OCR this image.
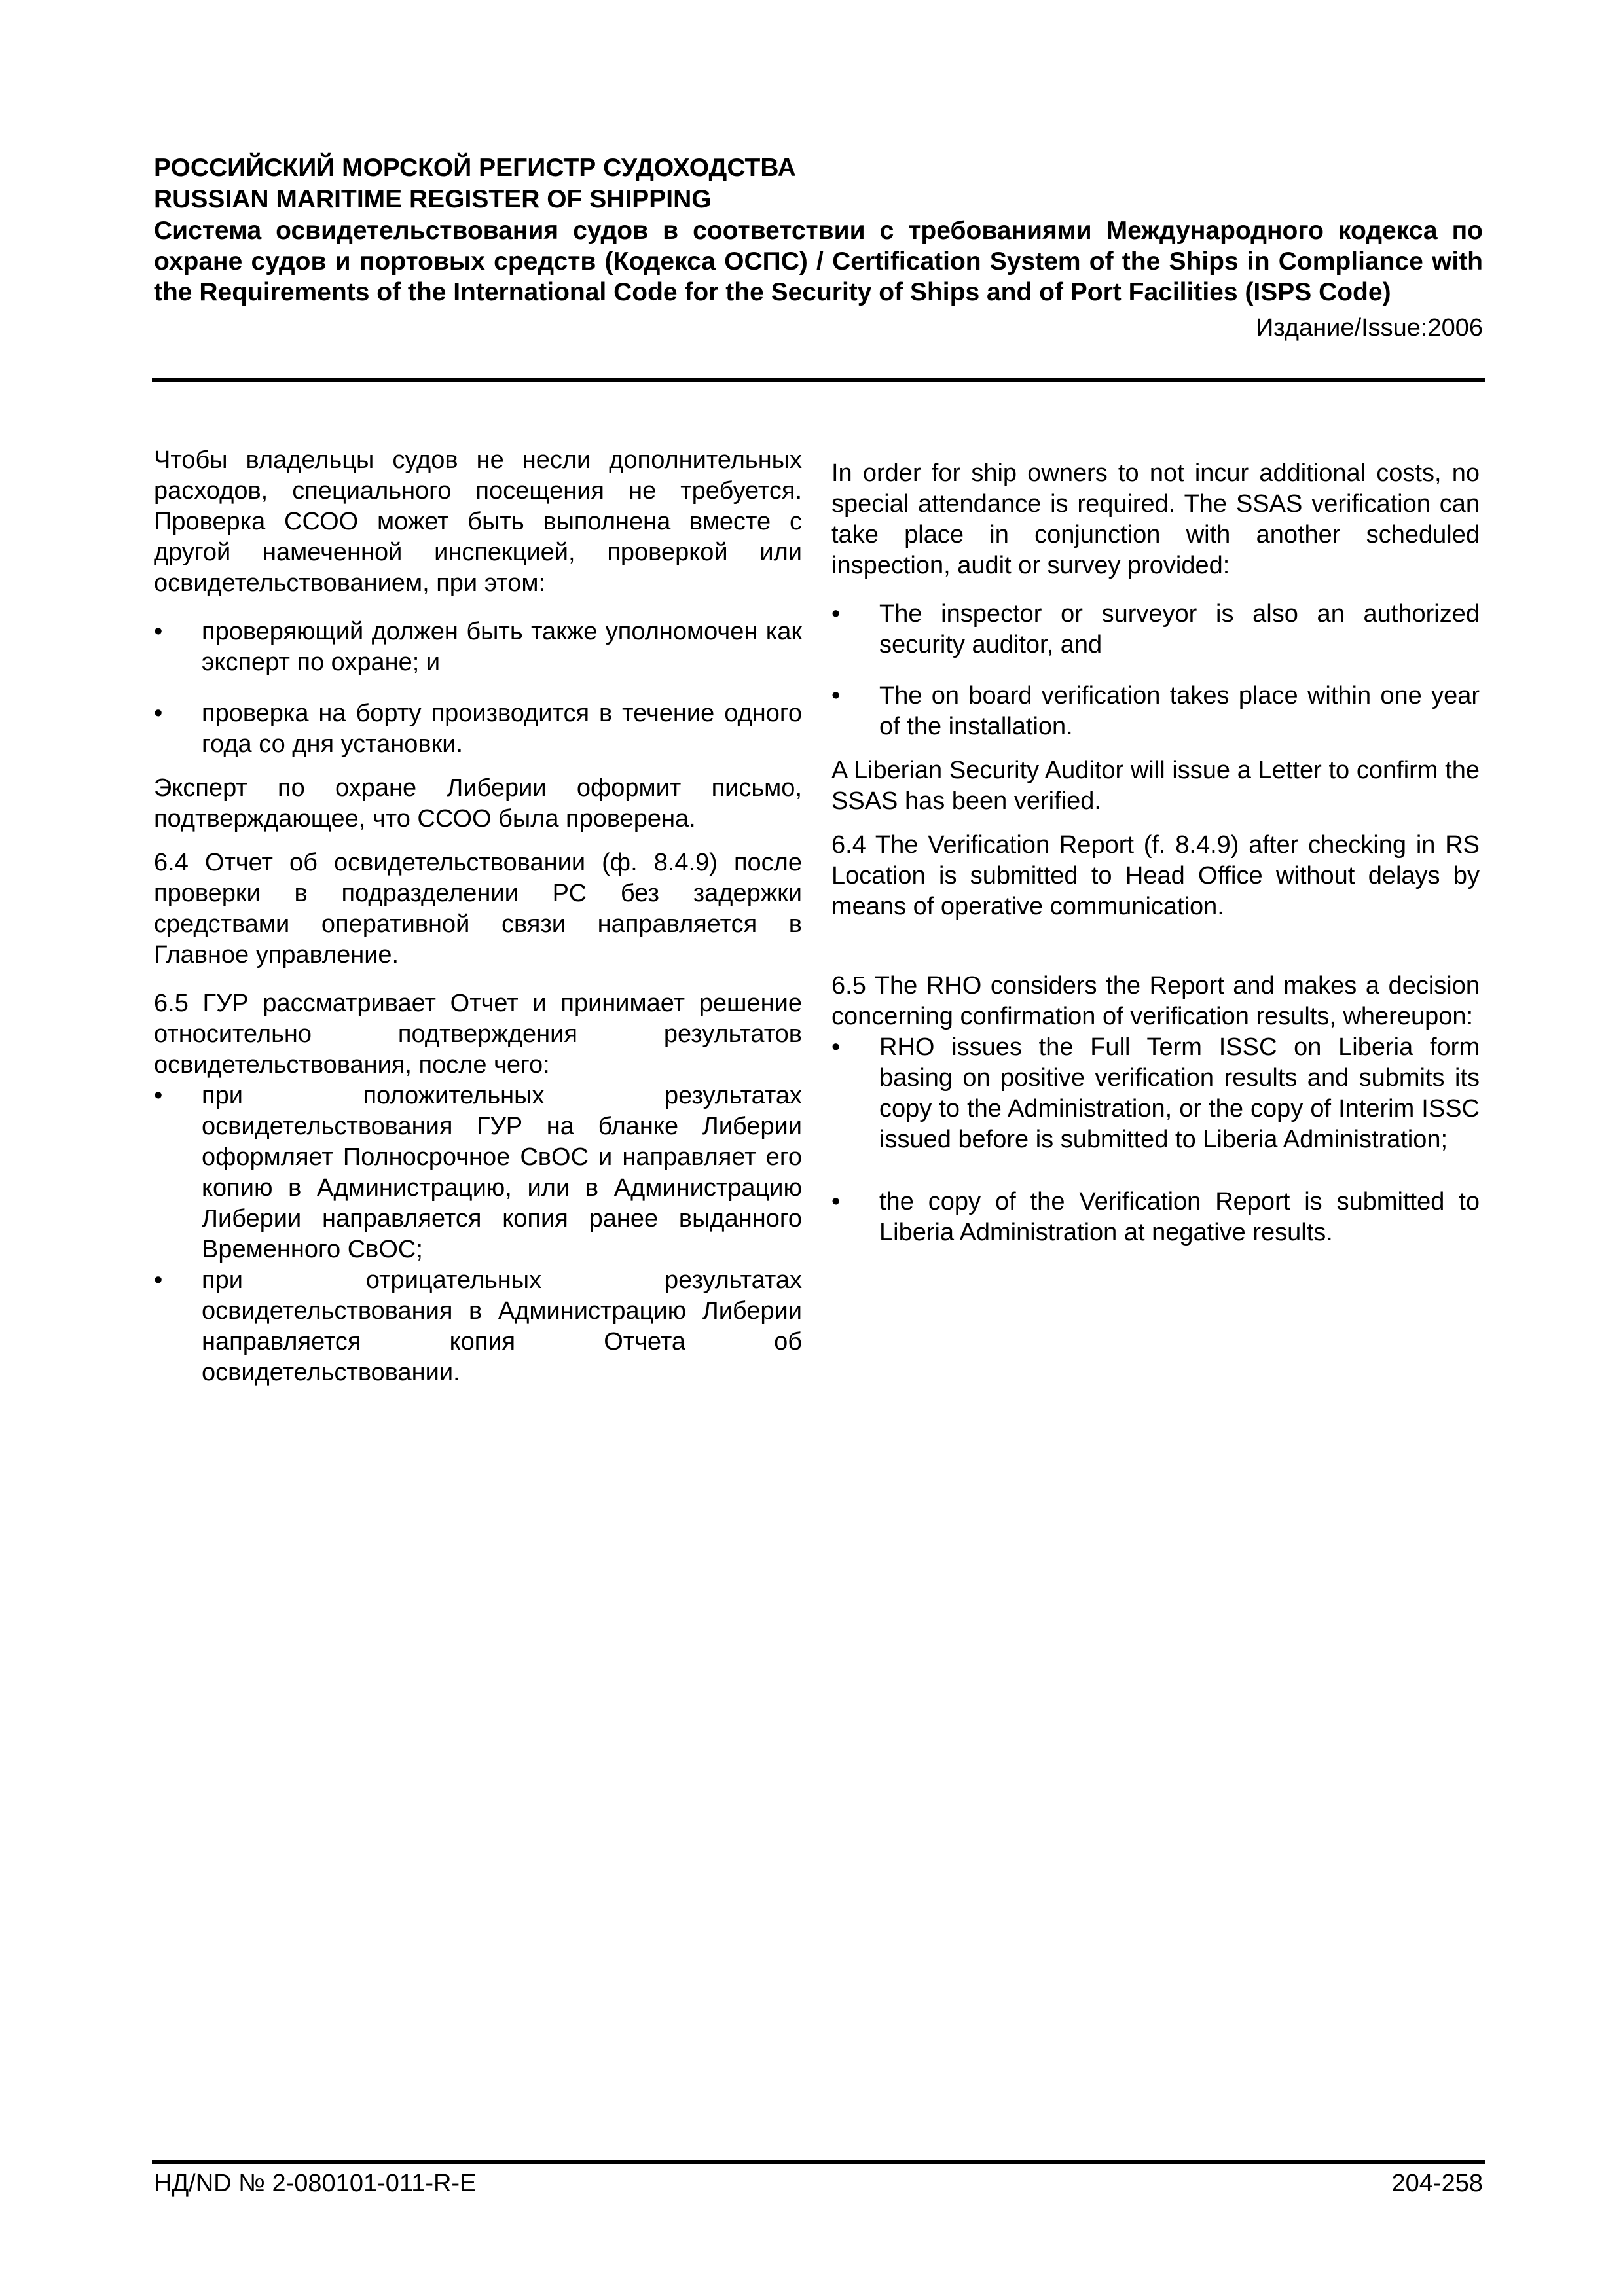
РОССИЙСКИЙ МОРСКОЙ РЕГИСТР СУДОХОДСТВА
RUSSIAN MARITIME REGISTER OF SHIPPING
Система освидетельствования судов в соответствии с требованиями Международного кодекса по охране судов и портовых средств (Кодекса ОСПС) / Certification System of the Ships in Compliance with the Requirements of the International Code for the Security of Ships and of Port Facilities (ISPS Code)
Издание/Issue:2006

Чтобы владельцы судов не несли дополнительных расходов, специального посещения не требуется. Проверка ССОО может быть выполнена вместе с другой намеченной инспекцией, проверкой или освидетельствованием, при этом:

• проверяющий должен быть также уполномочен как эксперт по охране; и
• проверка на борту производится в течение одного года со дня установки.

Эксперт по охране Либерии оформит письмо, подтверждающее, что ССОО была проверена.

6.4 Отчет об освидетельствовании (ф. 8.4.9) после проверки в подразделении РС без задержки средствами оперативной связи направляется в Главное управление.

6.5 ГУР рассматривает Отчет и принимает решение относительно подтверждения результатов освидетельствования, после чего:

• при положительных результатах освидетельствования ГУР на бланке Либерии оформляет Полносрочное СвОС и направляет его копию в Администрацию, или в Администрацию Либерии направляется копия ранее выданного Временного СвОС;
• при отрицательных результатах освидетельствования в Администрацию Либерии направляется копия Отчета об освидетельствовании.

In order for ship owners to not incur additional costs, no special attendance is required. The SSAS verification can take place in conjunction with another scheduled inspection, audit or survey provided:

• The inspector or surveyor is also an authorized security auditor, and
• The on board verification takes place within one year of the installation.

A Liberian Security Auditor will issue a Letter to confirm the SSAS has been verified.

6.4 The Verification Report (f. 8.4.9) after checking in RS Location is submitted to Head Office without delays by means of operative communication.

6.5 The RHO considers the Report and makes a decision concerning confirmation of verification results, whereupon:

• RHO issues the Full Term ISSC on Liberia form basing on positive verification results and submits its copy to the Administration, or the copy of Interim ISSC issued before is submitted to Liberia Administration;
• the copy of the Verification Report is submitted to Liberia Administration at negative results.
НД/ND № 2-080101-011-R-E	204-258
